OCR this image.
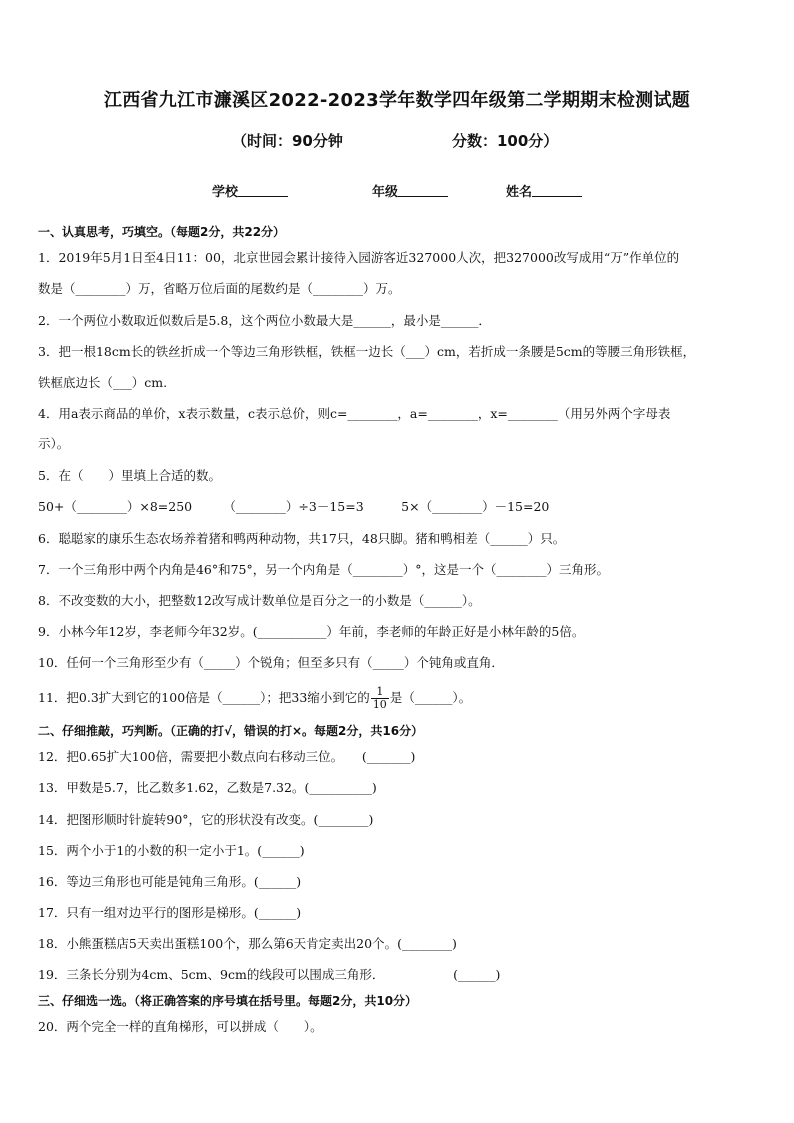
江西省九江市濂溪区2022-2023学年数学四年级第二学期期末检测试题
（时间：90分钟	分数：100分）
学校	年级	姓名
一、认真思考，巧填空。（每题2分，共22分）
1．2019年5月1日至4日11：00，北京世园会累计接待入园游客近327000人次，把327000改写成用“万”作单位的
数是（________）万，省略万位后面的尾数约是（________）万。
2．一个两位小数取近似数后是5.8，这个两位小数最大是______，最小是______．
3．把一根18cm长的铁丝折成一个等边三角形铁框，铁框一边长（___）cm，若折成一条腰是5cm的等腰三角形铁框，
铁框底边长（___）cm.
4．用a表示商品的单价，x表示数量，c表示总价，则c=________，a=________，x=________（用另外两个字母表
示）。
5．在（　　）里填上合适的数。
50+（________）×8=250　　　（________）÷3－15=3　　　5×（________）－15=20
6．聪聪家的康乐生态农场养着猪和鸭两种动物，共17只，48只脚。猪和鸭相差（______）只。
7．一个三角形中两个内角是46°和75°，另一个内角是（________）°，这是一个（________）三角形。
8．不改变数的大小，把整数12改写成计数单位是百分之一的小数是（______）。
9．小林今年12岁，李老师今年32岁。(___________）年前，李老师的年龄正好是小林年龄的5倍。
10．任何一个三角形至少有（_____）个锐角；但至多只有（_____）个钝角或直角．
11．把0.3扩大到它的100倍是（______）；把33缩小到它的 $\frac{1}{10}$ 是（______）。
二、仔细推敲，巧判断。（正确的打√，错误的打×。每题2分，共16分）
12．把0.65扩大100倍，需要把小数点向右移动三位。　　(_______)
13．甲数是5.7，比乙数多1.62，乙数是7.32。(__________)
14．把图形顺时针旋转90°，它的形状没有改变。(________)
15．两个小于1的小数的积一定小于1。(______)
16．等边三角形也可能是钝角三角形。(______)
17．只有一组对边平行的图形是梯形。(______)
18．小熊蛋糕店5天卖出蛋糕100个，那么第6天肯定卖出20个。(________)
19．三条长分别为4cm、5cm、9cm的线段可以围成三角形．　　　　　　(______)
三、仔细选一选。（将正确答案的序号填在括号里。每题2分，共10分）
20．两个完全一样的直角梯形，可以拼成（　　）。
